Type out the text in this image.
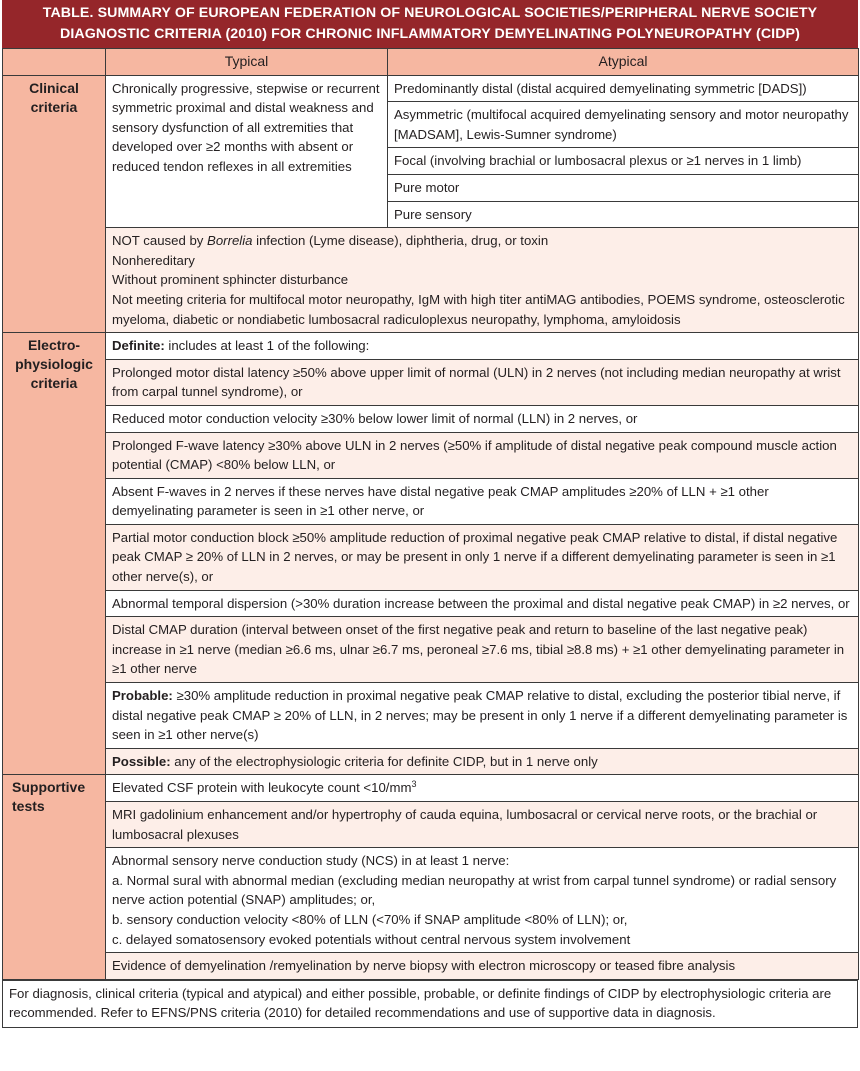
TABLE. SUMMARY OF EUROPEAN FEDERATION OF NEUROLOGICAL SOCIETIES/PERIPHERAL NERVE SOCIETY
DIAGNOSTIC CRITERIA (2010) FOR CHRONIC INFLAMMATORY DEMYELINATING POLYNEUROPATHY (CIDP)
	Typical	Atypical

Clinical
criteria	Chronically progressive, stepwise or recurrent symmetric proximal and distal weakness and sensory dysfunction of all extremities that developed over ≥2 months with absent or reduced tendon reflexes in all extremities	Predominantly distal (distal acquired demyelinating symmetric [DADS])
		Asymmetric (multifocal acquired demyelinating sensory and motor neuropathy [MADSAM], Lewis-Sumner syndrome)
		Focal (involving brachial or lumbosacral plexus or ≥1 nerves in 1 limb)
		Pure motor
		Pure sensory

	NOT caused by Borrelia infection (Lyme disease), diphtheria, drug, or toxin
Nonhereditary
Without prominent sphincter disturbance
Not meeting criteria for multifocal motor neuropathy, IgM with high titer antiMAG antibodies, POEMS syndrome, osteosclerotic myeloma, diabetic or nondiabetic lumbosacral radiculoplexus neuropathy, lymphoma, amyloidosis	

Electro-
physiologic
criteria	Definite: includes at least 1 of the following:	
	Prolonged motor distal latency ≥50% above upper limit of normal (ULN) in 2 nerves (not including median neuropathy at wrist from carpal tunnel syndrome), or	
	Reduced motor conduction velocity ≥30% below lower limit of normal (LLN) in 2 nerves, or	
	Prolonged F-wave latency ≥30% above ULN in 2 nerves (≥50% if amplitude of distal negative peak compound muscle action potential (CMAP) <80% below LLN, or	
	Absent F-waves in 2 nerves if these nerves have distal negative peak CMAP amplitudes ≥20% of LLN + ≥1 other demyelinating parameter is seen in ≥1 other nerve, or	
	Partial motor conduction block ≥50% amplitude reduction of proximal negative peak CMAP relative to distal, if distal negative peak CMAP ≥ 20% of LLN in 2 nerves, or may be present in only 1 nerve if a different demyelinating parameter is seen in ≥1 other nerve(s), or	
	Abnormal temporal dispersion (>30% duration increase between the proximal and distal negative peak CMAP) in ≥2 nerves, or	
	Distal CMAP duration (interval between onset of the first negative peak and return to baseline of the last negative peak) increase in ≥1 nerve (median ≥6.6 ms, ulnar ≥6.7 ms, peroneal ≥7.6 ms, tibial ≥8.8 ms) + ≥1 other demyelinating parameter in ≥1 other nerve	
	Probable: ≥30% amplitude reduction in proximal negative peak CMAP relative to distal, excluding the posterior tibial nerve, if distal negative peak CMAP ≥ 20% of LLN, in 2 nerves; may be present in only 1 nerve if a different demyelinating parameter is seen in ≥1 other nerve(s)	
	Possible: any of the electrophysiologic criteria for definite CIDP, but in 1 nerve only	

Supportive
tests	Elevated CSF protein with leukocyte count $<10/mm^3$
	MRI gadolinium enhancement and/or hypertrophy of cauda equina, lumbosacral or cervical nerve roots, or the brachial or lumbosacral plexuses	

	Abnormal sensory nerve conduction study (NCS) in at least 1 nerve:
a. Normal sural with abnormal median (excluding median neuropathy at wrist from carpal tunnel syndrome) or radial sensory nerve action potential (SNAP) amplitudes; or,
b. sensory conduction velocity <80% of LLN (<70% if SNAP amplitude <80% of LLN); or,
c. delayed somatosensory evoked potentials without central nervous system involvement	

	Evidence of demyelination /remyelination by nerve biopsy with electron microscopy or teased fibre analysis	
For diagnosis, clinical criteria (typical and atypical) and either possible, probable, or definite findings of CIDP by electrophysiologic criteria are recommended. Refer to EFNS/PNS criteria (2010) for detailed recommendations and use of supportive data in diagnosis.
